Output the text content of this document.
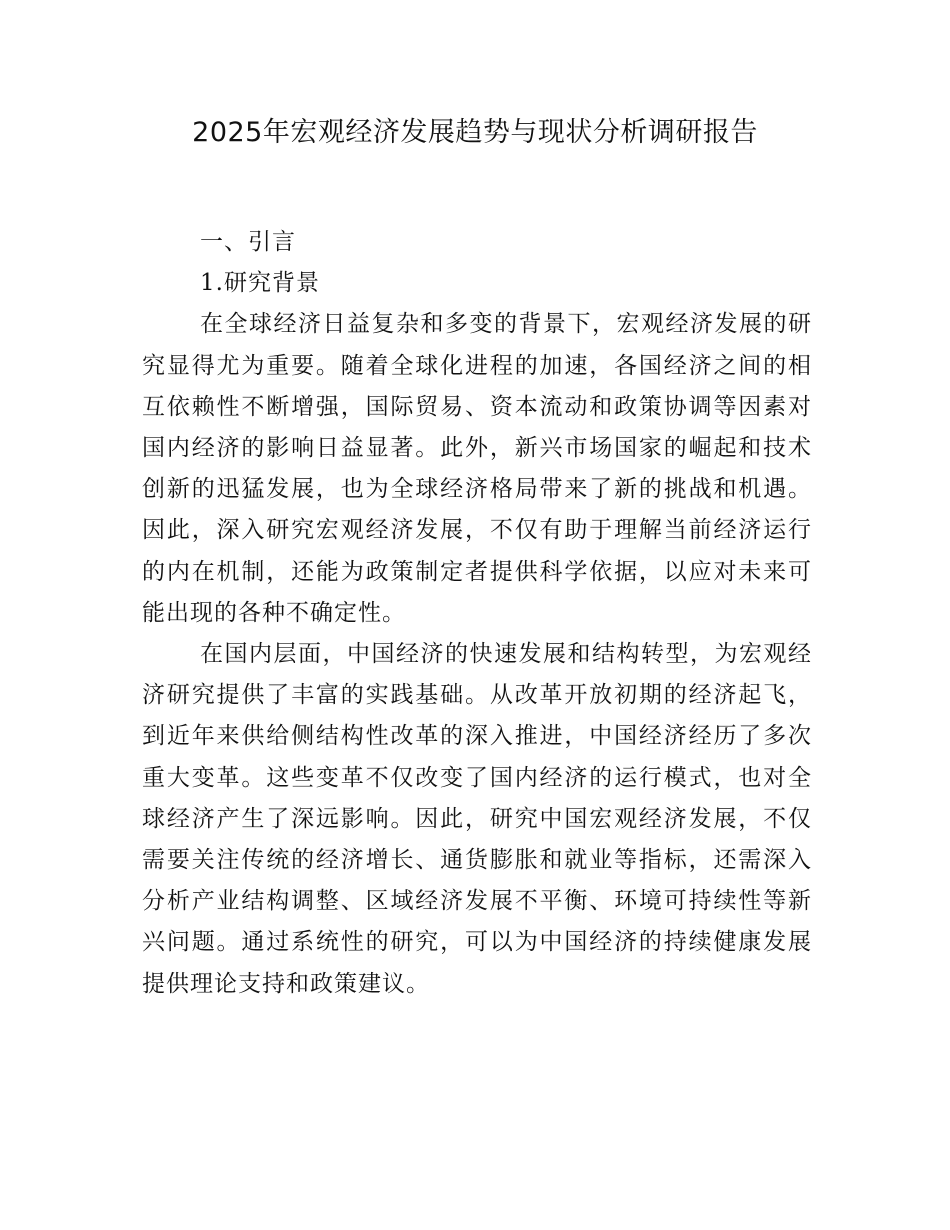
2025年宏观经济发展趋势与现状分析调研报告

一、引言

1.研究背景

在全球经济日益复杂和多变的背景下，宏观经济发展的研究显得尤为重要。随着全球化进程的加速，各国经济之间的相互依赖性不断增强，国际贸易、资本流动和政策协调等因素对国内经济的影响日益显著。此外，新兴市场国家的崛起和技术创新的迅猛发展，也为全球经济格局带来了新的挑战和机遇。因此，深入研究宏观经济发展，不仅有助于理解当前经济运行的内在机制，还能为政策制定者提供科学依据，以应对未来可能出现的各种不确定性。

在国内层面，中国经济的快速发展和结构转型，为宏观经济研究提供了丰富的实践基础。从改革开放初期的经济起飞，到近年来供给侧结构性改革的深入推进，中国经济经历了多次重大变革。这些变革不仅改变了国内经济的运行模式，也对全球经济产生了深远影响。因此，研究中国宏观经济发展，不仅需要关注传统的经济增长、通货膨胀和就业等指标，还需深入分析产业结构调整、区域经济发展不平衡、环境可持续性等新兴问题。通过系统性的研究，可以为中国经济的持续健康发展提供理论支持和政策建议。
